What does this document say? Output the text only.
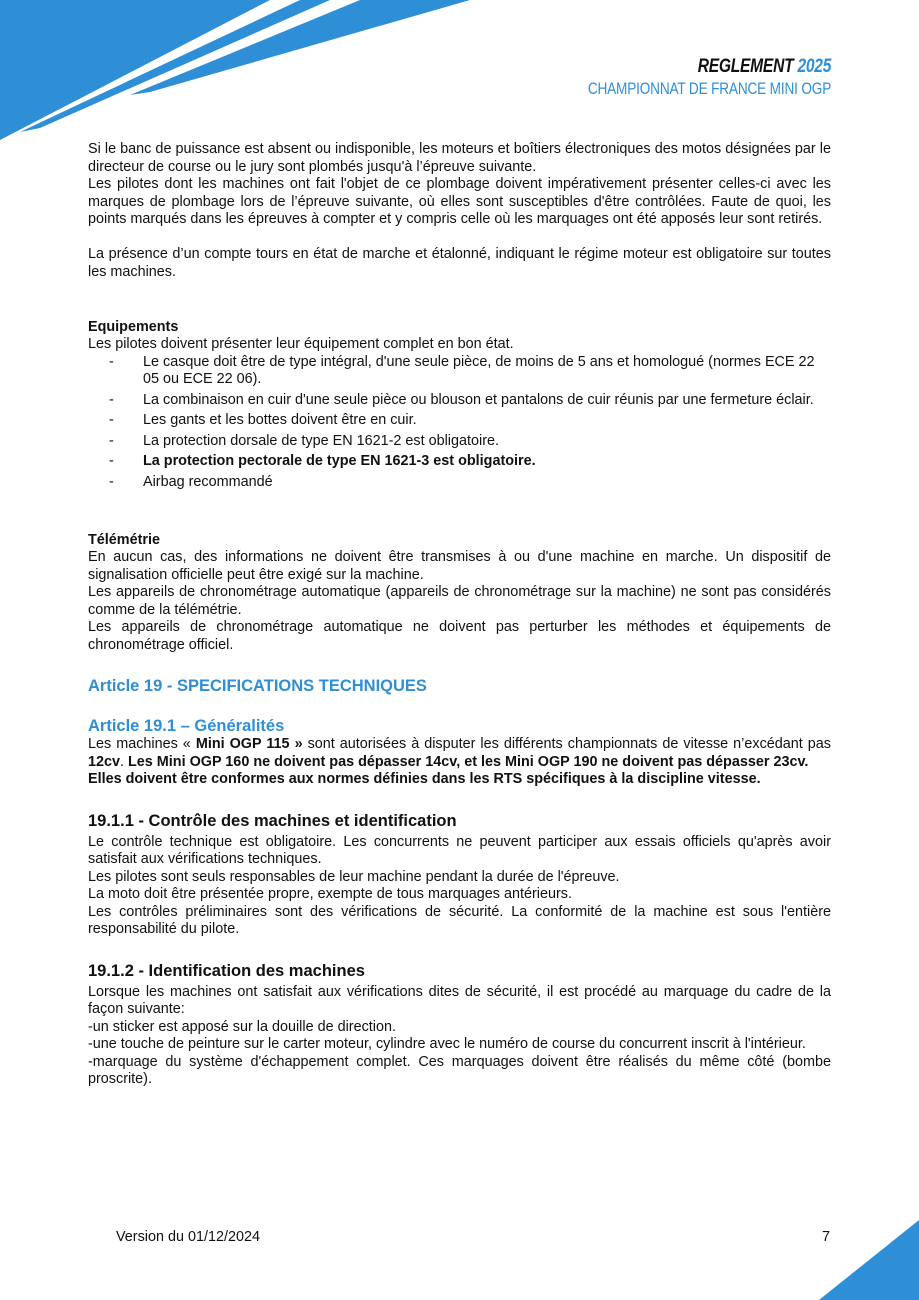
REGLEMENT 2025
CHAMPIONNAT DE FRANCE MINI OGP

Si le banc de puissance est absent ou indisponible, les moteurs et boîtiers électroniques des motos désignées par le directeur de course ou le jury sont plombés jusqu'à l’épreuve suivante.

Les pilotes dont les machines ont fait l'objet de ce plombage doivent impérativement présenter celles-ci avec les marques de plombage lors de l’épreuve suivante, où elles sont susceptibles d'être contrôlées. Faute de quoi, les points marqués dans les épreuves à compter et y compris celle où les marquages ont été apposés leur sont retirés.

La présence d’un compte tours en état de marche et étalonné, indiquant le régime moteur est obligatoire sur toutes les machines.

Equipements

Les pilotes doivent présenter leur équipement complet en bon état.

- Le casque doit être de type intégral, d'une seule pièce, de moins de 5 ans et homologué (normes ECE 22 05 ou ECE 22 06).
- La combinaison en cuir d'une seule pièce ou blouson et pantalons de cuir réunis par une fermeture éclair.
- Les gants et les bottes doivent être en cuir.
- La protection dorsale de type EN 1621-2 est obligatoire.
- La protection pectorale de type EN 1621-3 est obligatoire.
- Airbag recommandé

Télémétrie

En aucun cas, des informations ne doivent être transmises à ou d'une machine en marche. Un dispositif de signalisation officielle peut être exigé sur la machine.

Les appareils de chronométrage automatique (appareils de chronométrage sur la machine) ne sont pas considérés comme de la télémétrie.

Les appareils de chronométrage automatique ne doivent pas perturber les méthodes et équipements de chronométrage officiel.

Article 19 - SPECIFICATIONS TECHNIQUES

Article 19.1 – Généralités

Les machines « Mini OGP 115 » sont autorisées à disputer les différents championnats de vitesse n’excédant pas 12cv. Les Mini OGP 160 ne doivent pas dépasser 14cv, et les Mini OGP 190 ne doivent pas dépasser 23cv.

Elles doivent être conformes aux normes définies dans les RTS spécifiques à la discipline vitesse.

19.1.1 - Contrôle des machines et identification

Le contrôle technique est obligatoire. Les concurrents ne peuvent participer aux essais officiels qu'après avoir satisfait aux vérifications techniques.

Les pilotes sont seuls responsables de leur machine pendant la durée de l'épreuve.

La moto doit être présentée propre, exempte de tous marquages antérieurs.

Les contrôles préliminaires sont des vérifications de sécurité. La conformité de la machine est sous l'entière responsabilité du pilote.

19.1.2 - Identification des machines

Lorsque les machines ont satisfait aux vérifications dites de sécurité, il est procédé au marquage du cadre de la façon suivante:

-un sticker est apposé sur la douille de direction.

-une touche de peinture sur le carter moteur, cylindre avec le numéro de course du concurrent inscrit à l'intérieur.

-marquage du système d'échappement complet. Ces marquages doivent être réalisés du même côté (bombe proscrite).

Version du 01/12/2024	7
